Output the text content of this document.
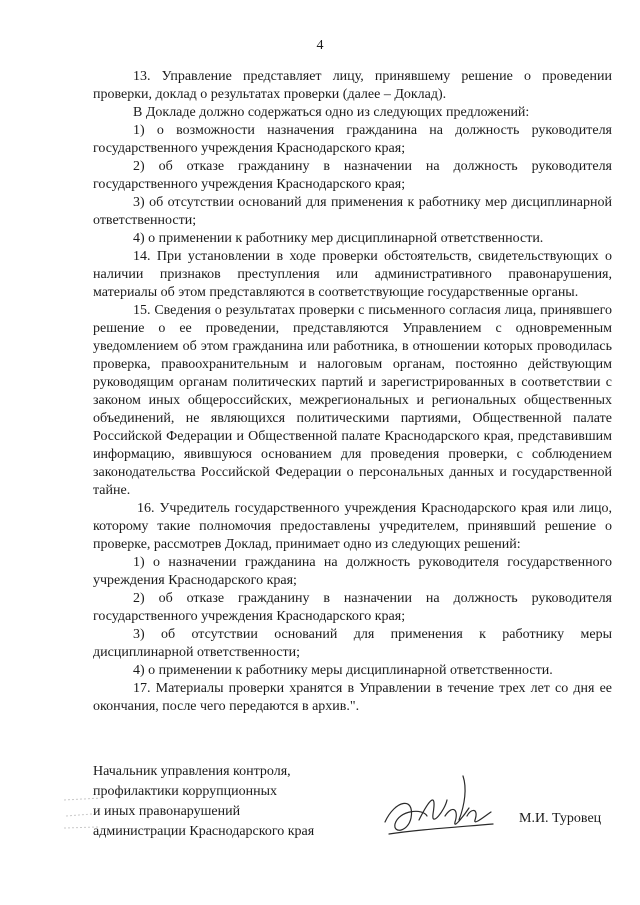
4

13. Управление представляет лицу, принявшему решение о проведении проверки, доклад о результатах проверки (далее – Доклад).

В Докладе должно содержаться одно из следующих предложений:

1) о возможности назначения гражданина на должность руководителя государственного учреждения Краснодарского края;

2) об отказе гражданину в назначении на должность руководителя государственного учреждения Краснодарского края;

3) об отсутствии оснований для применения к работнику мер дисциплинарной ответственности;

4) о применении к работнику мер дисциплинарной ответственности.

14. При установлении в ходе проверки обстоятельств, свидетельствующих о наличии признаков преступления или административного правонарушения, материалы об этом представляются в соответствующие государственные органы.

15. Сведения о результатах проверки с письменного согласия лица, принявшего решение о ее проведении, представляются Управлением с одновременным уведомлением об этом гражданина или работника, в отношении которых проводилась проверка, правоохранительным и налоговым органам, постоянно действующим руководящим органам политических партий и зарегистрированных в соответствии с законом иных общероссийских, межрегиональных и региональных общественных объединений, не являющихся политическими партиями, Общественной палате Российской Федерации и Общественной палате Краснодарского края, представившим информацию, явившуюся основанием для проведения проверки, с соблюдением законодательства Российской Федерации о персональных данных и государственной тайне.

16. Учредитель государственного учреждения Краснодарского края или лицо, которому такие полномочия предоставлены учредителем, принявший решение о проверке, рассмотрев Доклад, принимает одно из следующих решений:

1) о назначении гражданина на должность руководителя государственного учреждения Краснодарского края;

2) об отказе гражданину в назначении на должность руководителя государственного учреждения Краснодарского края;

3) об отсутствии оснований для применения к работнику меры дисциплинарной ответственности;

4) о применении к работнику меры дисциплинарной ответственности.

17. Материалы проверки хранятся в Управлении в течение трех лет со дня ее окончания, после чего передаются в архив.".

Начальник управления контроля,
профилактики коррупционных
и иных правонарушений
администрации Краснодарского края
М.И. Туровец
